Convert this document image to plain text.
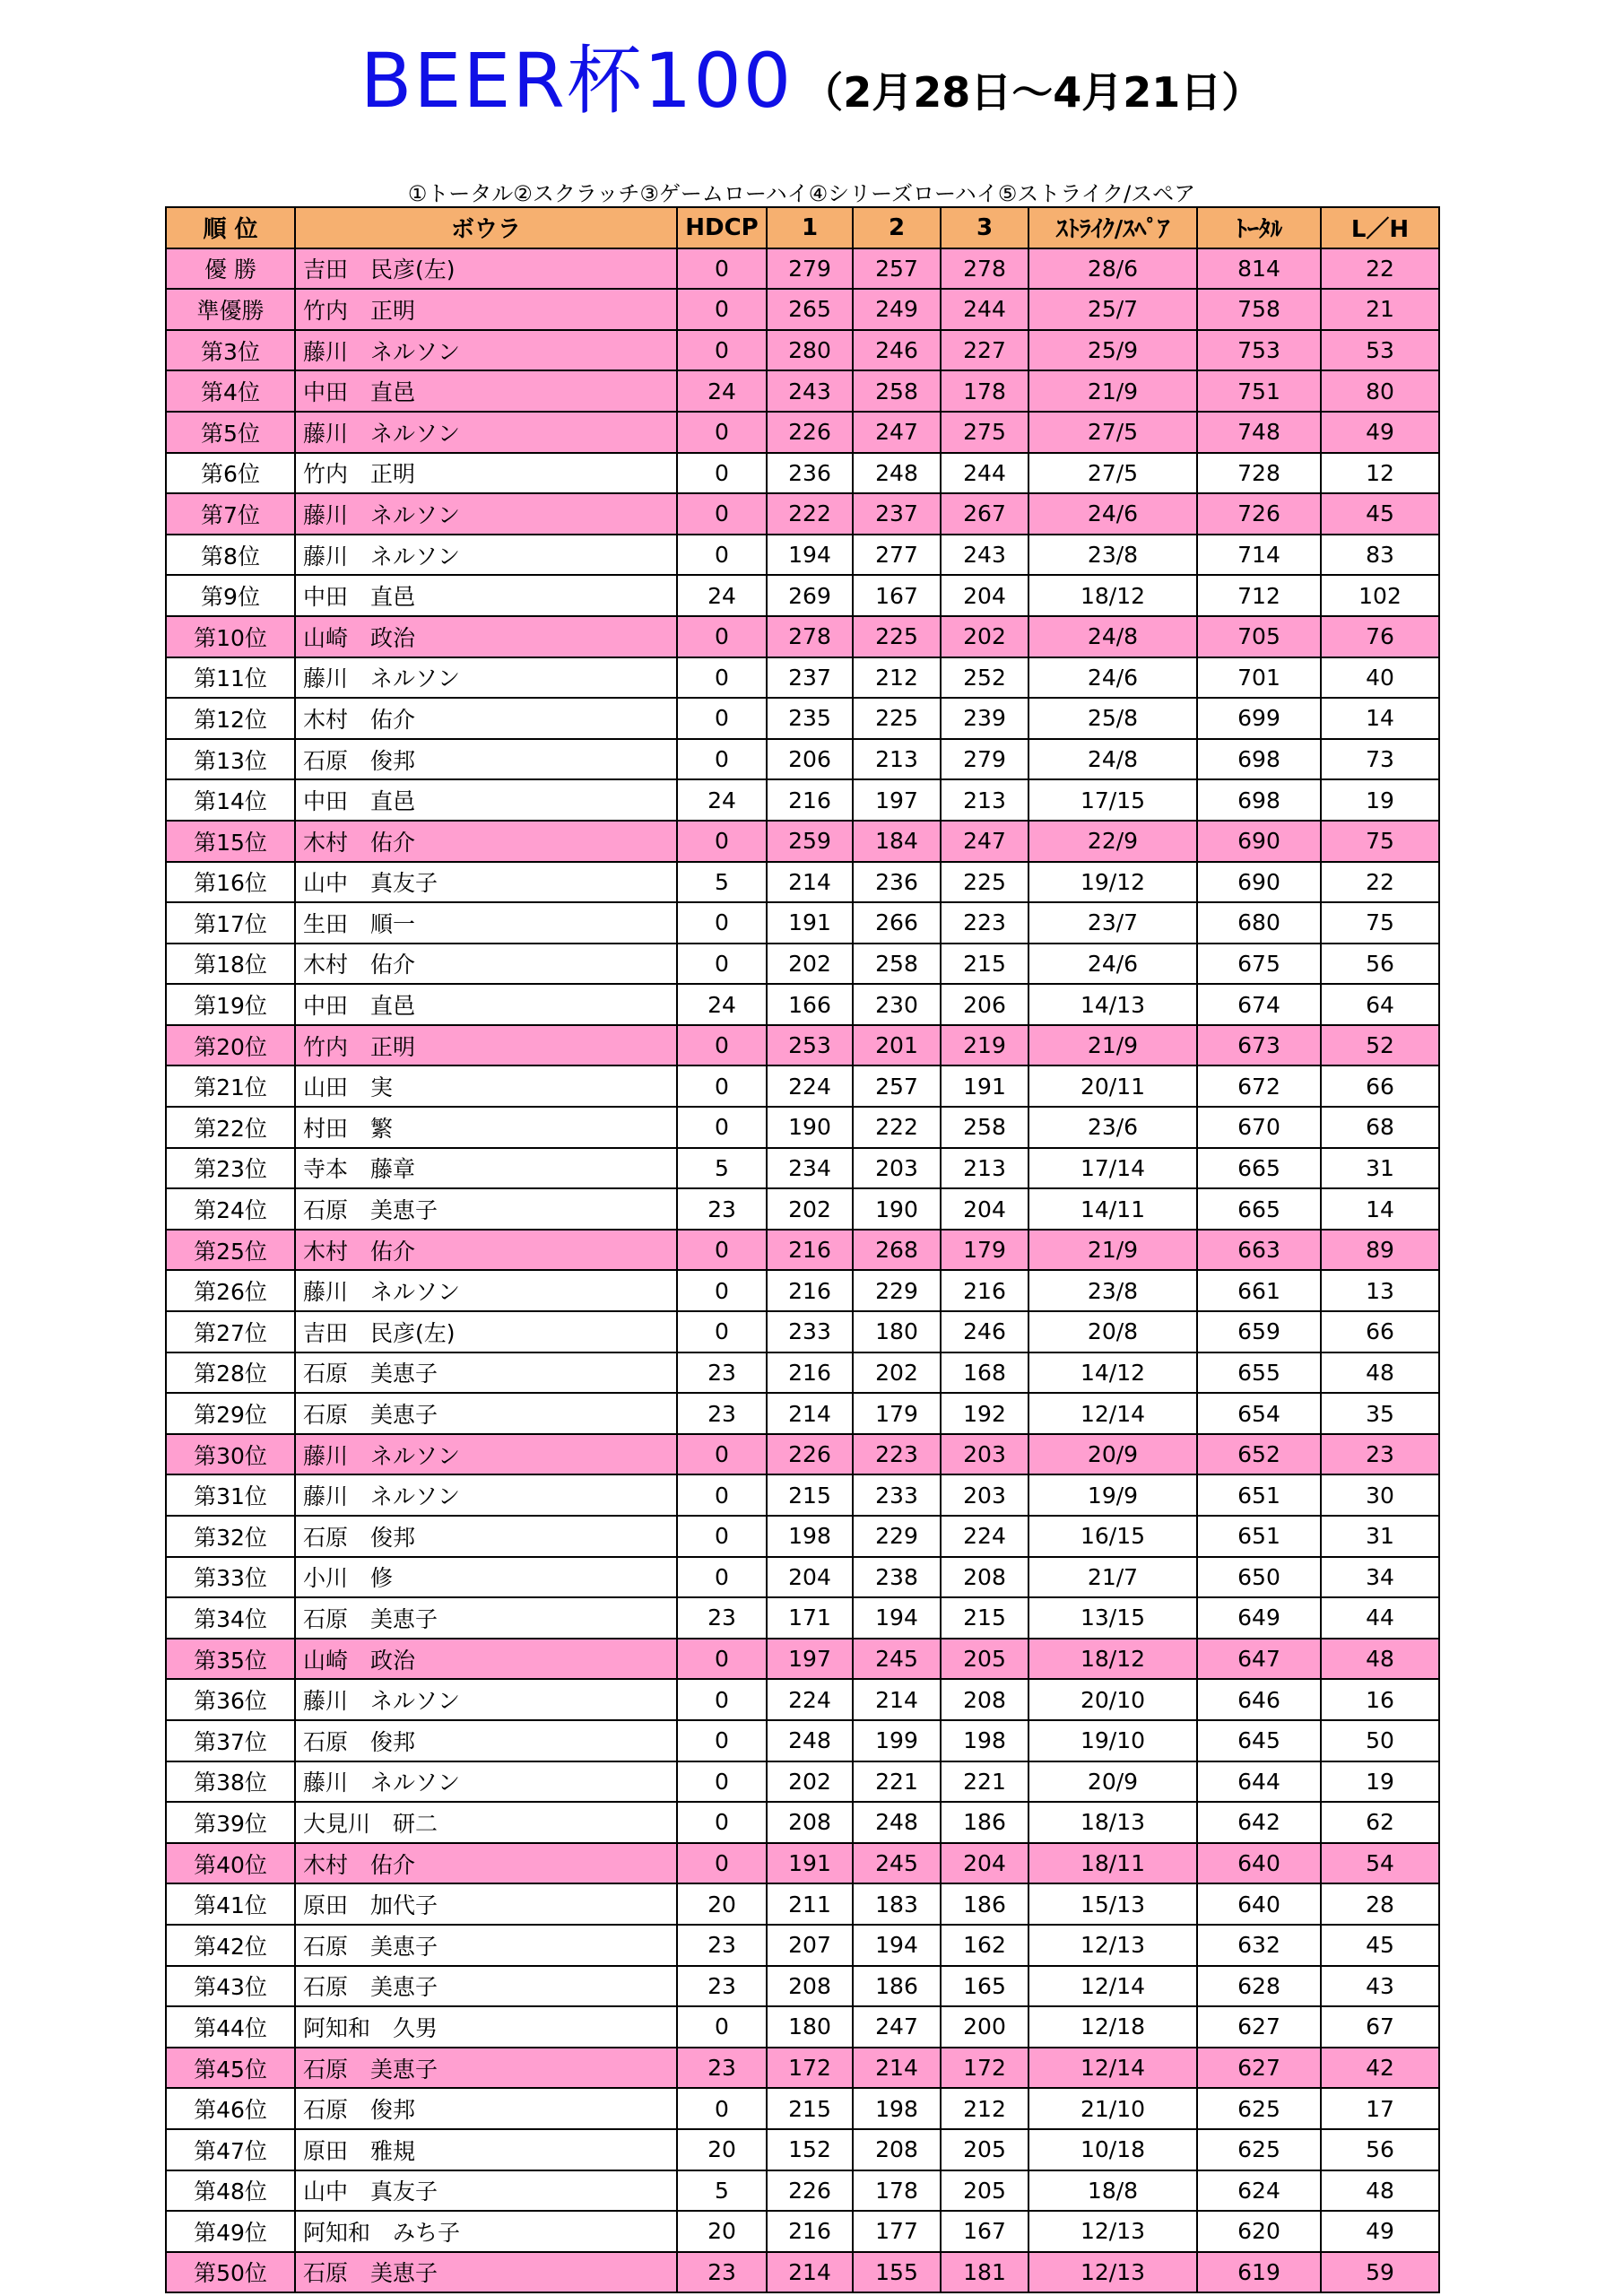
BEER杯100 （2月28日～4月21日）
①トータル②スクラッチ③ゲームローハイ④シリーズローハイ⑤ストライク/スペア
順 位	ボウラ	HDCP	1	2	3	ｽﾄﾗｲｸ/ｽﾍﾟｱ	ﾄｰﾀﾙ	L／H
優 勝	吉田　民彦(左)	0	279	257	278	28/6	814	22
準優勝	竹内　正明	0	265	249	244	25/7	758	21
第3位	藤川　ネルソン	0	280	246	227	25/9	753	53
第4位	中田　直邑	24	243	258	178	21/9	751	80
第5位	藤川　ネルソン	0	226	247	275	27/5	748	49
第6位	竹内　正明	0	236	248	244	27/5	728	12
第7位	藤川　ネルソン	0	222	237	267	24/6	726	45
第8位	藤川　ネルソン	0	194	277	243	23/8	714	83
第9位	中田　直邑	24	269	167	204	18/12	712	102
第10位	山崎　政治	0	278	225	202	24/8	705	76
第11位	藤川　ネルソン	0	237	212	252	24/6	701	40
第12位	木村　佑介	0	235	225	239	25/8	699	14
第13位	石原　俊邦	0	206	213	279	24/8	698	73
第14位	中田　直邑	24	216	197	213	17/15	698	19
第15位	木村　佑介	0	259	184	247	22/9	690	75
第16位	山中　真友子	5	214	236	225	19/12	690	22
第17位	生田　順一	0	191	266	223	23/7	680	75
第18位	木村　佑介	0	202	258	215	24/6	675	56
第19位	中田　直邑	24	166	230	206	14/13	674	64
第20位	竹内　正明	0	253	201	219	21/9	673	52
第21位	山田　実	0	224	257	191	20/11	672	66
第22位	村田　繁	0	190	222	258	23/6	670	68
第23位	寺本　藤章	5	234	203	213	17/14	665	31
第24位	石原　美恵子	23	202	190	204	14/11	665	14
第25位	木村　佑介	0	216	268	179	21/9	663	89
第26位	藤川　ネルソン	0	216	229	216	23/8	661	13
第27位	吉田　民彦(左)	0	233	180	246	20/8	659	66
第28位	石原　美恵子	23	216	202	168	14/12	655	48
第29位	石原　美恵子	23	214	179	192	12/14	654	35
第30位	藤川　ネルソン	0	226	223	203	20/9	652	23
第31位	藤川　ネルソン	0	215	233	203	19/9	651	30
第32位	石原　俊邦	0	198	229	224	16/15	651	31
第33位	小川　修	0	204	238	208	21/7	650	34
第34位	石原　美恵子	23	171	194	215	13/15	649	44
第35位	山崎　政治	0	197	245	205	18/12	647	48
第36位	藤川　ネルソン	0	224	214	208	20/10	646	16
第37位	石原　俊邦	0	248	199	198	19/10	645	50
第38位	藤川　ネルソン	0	202	221	221	20/9	644	19
第39位	大見川　研二	0	208	248	186	18/13	642	62
第40位	木村　佑介	0	191	245	204	18/11	640	54
第41位	原田　加代子	20	211	183	186	15/13	640	28
第42位	石原　美恵子	23	207	194	162	12/13	632	45
第43位	石原　美恵子	23	208	186	165	12/14	628	43
第44位	阿知和　久男	0	180	247	200	12/18	627	67
第45位	石原　美恵子	23	172	214	172	12/14	627	42
第46位	石原　俊邦	0	215	198	212	21/10	625	17
第47位	原田　雅規	20	152	208	205	10/18	625	56
第48位	山中　真友子	5	226	178	205	18/8	624	48
第49位	阿知和　みち子	20	216	177	167	12/13	620	49
第50位	石原　美恵子	23	214	155	181	12/13	619	59
